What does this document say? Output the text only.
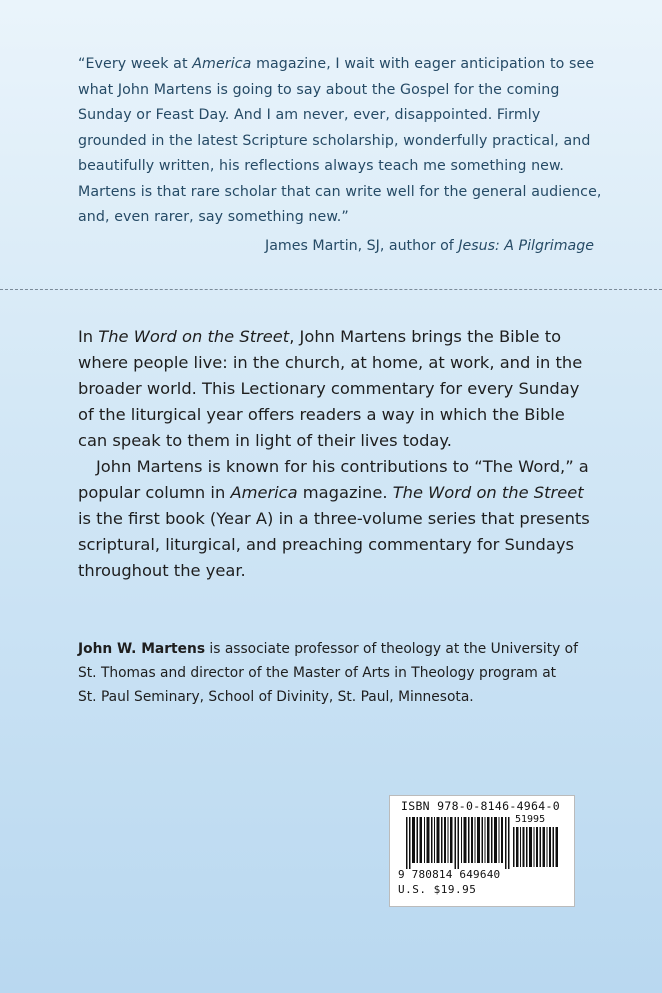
“Every week at America magazine, I wait with eager anticipation to see what John Martens is going to say about the Gospel for the coming Sunday or Feast Day. And I am never, ever, disappointed. Firmly grounded in the latest Scripture scholarship, wonderfully practical, and beautifully written, his reflections always teach me something new. Martens is that rare scholar that can write well for the general audience, and, even rarer, say something new.”

James Martin, SJ, author of Jesus: A Pilgrimage

In The Word on the Street, John Martens brings the Bible to where people live: in the church, at home, at work, and in the broader world. This Lectionary commentary for every Sunday of the liturgical year offers readers a way in which the Bible can speak to them in light of their lives today.

John Martens is known for his contributions to “The Word,” a popular column in America magazine. The Word on the Street is the first book (Year A) in a three-volume series that presents scriptural, liturgical, and preaching commentary for Sundays throughout the year.

John W. Martens is associate professor of theology at the University of St. Thomas and director of the Master of Arts in Theology program at St. Paul Seminary, School of Divinity, St. Paul, Minnesota.
ISBN 978-0-8146-4964-0
51995
9 780814 649640
U.S. $19.95
